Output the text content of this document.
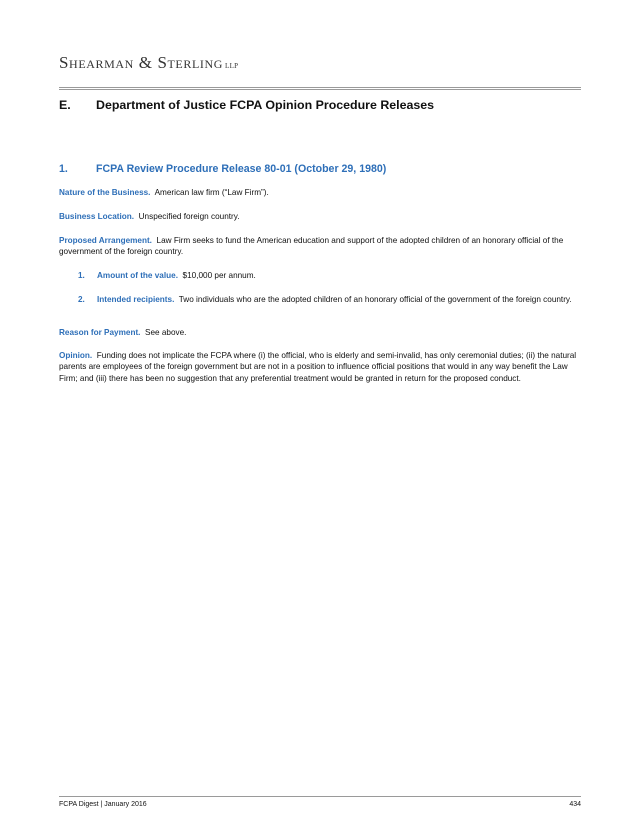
Shearman & Sterling LLP
E. Department of Justice FCPA Opinion Procedure Releases
1.	FCPA Review Procedure Release 80-01 (October 29, 1980)
Nature of the Business. American law firm (“Law Firm”).
Business Location. Unspecified foreign country.
Proposed Arrangement. Law Firm seeks to fund the American education and support of the adopted children of an honorary official of the government of the foreign country.
1. Amount of the value. $10,000 per annum.
2. Intended recipients. Two individuals who are the adopted children of an honorary official of the government of the foreign country.
Reason for Payment. See above.
Opinion. Funding does not implicate the FCPA where (i) the official, who is elderly and semi-invalid, has only ceremonial duties; (ii) the natural parents are employees of the foreign government but are not in a position to influence official positions that would in any way benefit the Law Firm; and (iii) there has been no suggestion that any preferential treatment would be granted in return for the proposed conduct.
FCPA Digest | January 2016	434
